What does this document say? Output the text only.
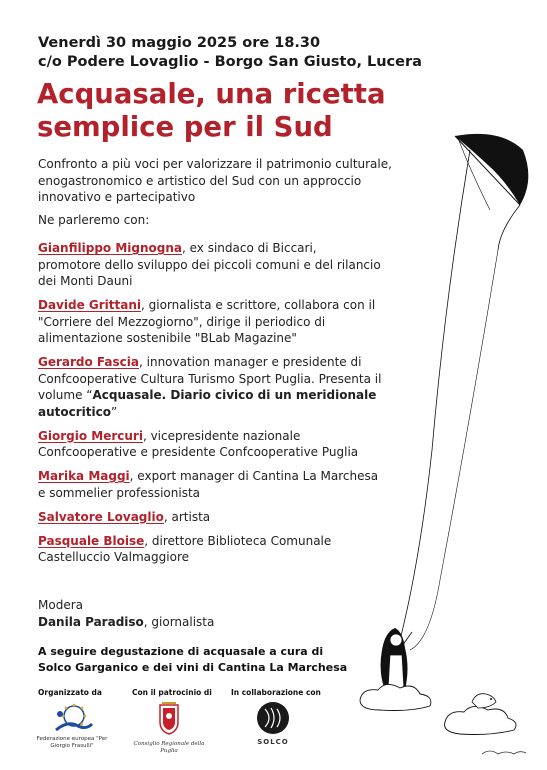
Venerdì 30 maggio 2025 ore 18.30
c/o Podere Lovaglio - Borgo San Giusto, Lucera
Acquasale, una ricetta
semplice per il Sud
Confronto a più voci per valorizzare il patrimonio culturale, enogastronomico e artistico del Sud con un approccio innovativo e partecipativo
Ne parleremo con:
Gianfilippo Mignogna, ex sindaco di Biccari, promotore dello sviluppo dei piccoli comuni e del rilancio dei Monti Dauni
Davide Grittani, giornalista e scrittore, collabora con il "Corriere del Mezzogiorno", dirige il periodico di alimentazione sostenibile "BLab Magazine"
Gerardo Fascia, innovation manager e presidente di Confcooperative Cultura Turismo Sport Puglia. Presenta il volume “Acquasale. Diario civico di un meridionale autocritico”
Giorgio Mercuri, vicepresidente nazionale Confcooperative e presidente Confcooperative Puglia
Marika Maggi, export manager di Cantina La Marchesa e sommelier professionista
Salvatore Lovaglio, artista
Pasquale Bloise, direttore Biblioteca Comunale Castelluccio Valmaggiore
Modera
Danila Paradiso, giornalista
A seguire degustazione di acquasale a cura di
Solco Garganico e dei vini di Cantina La Marchesa
Organizzato da	Con il patrocinio di	In collaborazione con
Federazione europea "Per Giorgio Frasulli"	Consiglio Regionale della Puglia
SOLCO
